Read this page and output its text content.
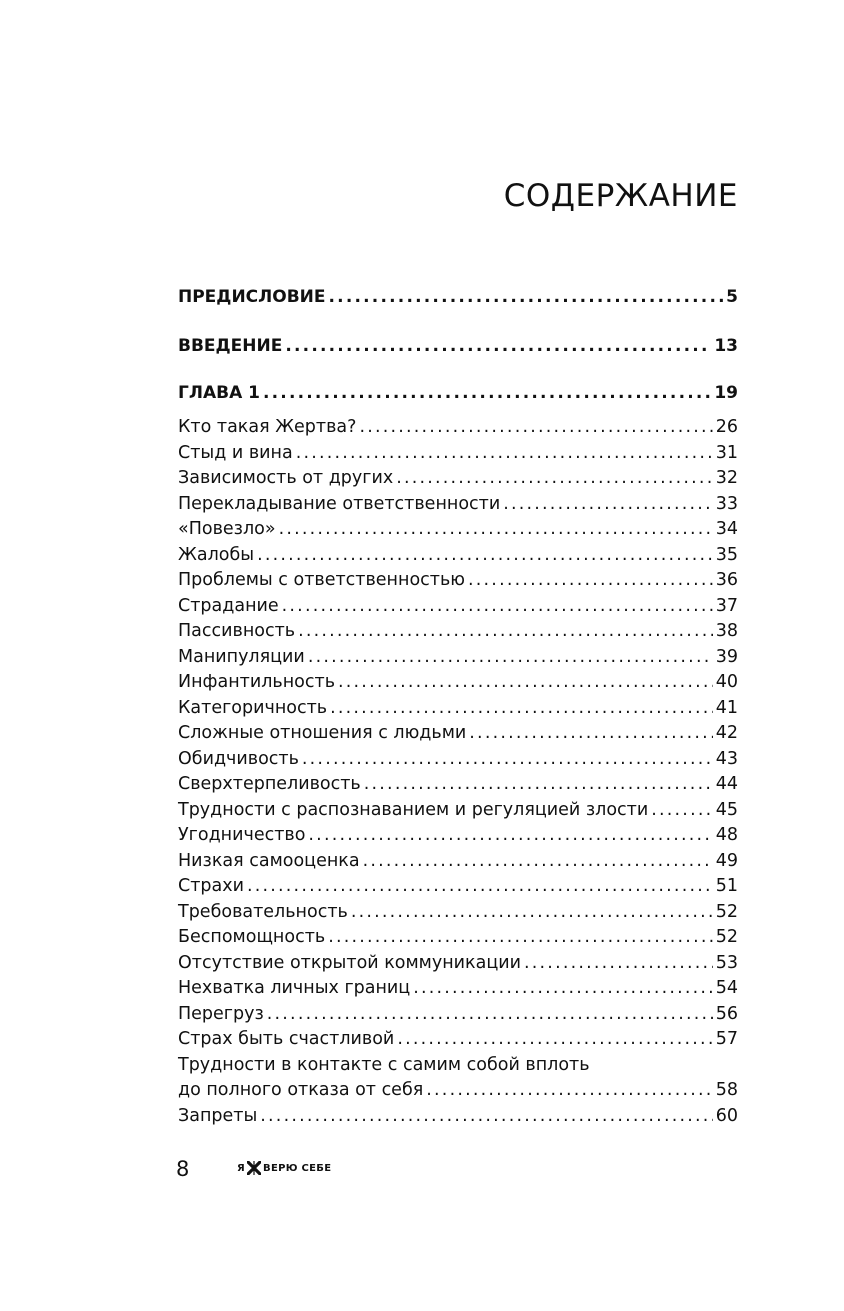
СОДЕРЖАНИЕ
ПРЕДИСЛОВИЕ .....	5
ВВЕДЕНИЕ .....	13
ГЛАВА 1 .....	19
Кто такая Жертва? .....	26
Стыд и вина .....	31
Зависимость от других .....	32
Перекладывание ответственности .....	33
«Повезло» .....	34
Жалобы .....	35
Проблемы с ответственностью .....	36
Страдание .....	37
Пассивность .....	38
Манипуляции .....	39
Инфантильность .....	40
Категоричность .....	41
Сложные отношения с людьми .....	42
Обидчивость .....	43
Сверхтерпеливость .....	44
Трудности с распознаванием и регуляцией злости .....	45
Угодничество .....	48
Низкая самооценка .....	49
Страхи .....	51
Требовательность .....	52
Беспомощность .....	52
Отсутствие открытой коммуникации .....	53
Нехватка личных границ .....	54
Перегруз .....	56
Страх быть счастливой .....	57
Трудности в контакте с самим собой вплоть
до полного отказа от себя .....	58
Запреты .....	60

8	Я ВЕРЮ СЕБЕ
